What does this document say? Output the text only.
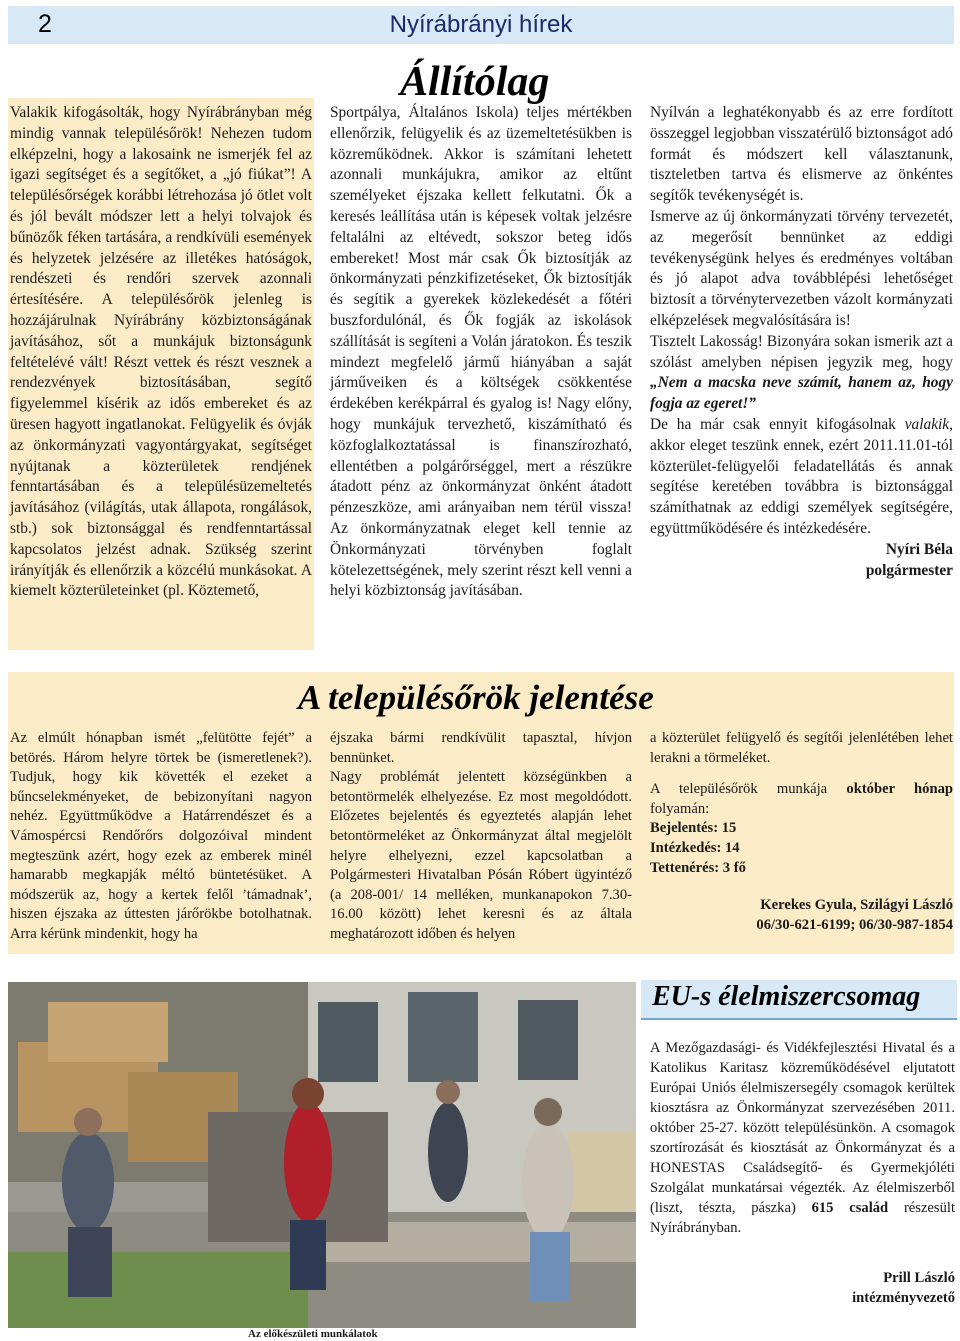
2	Nyírábrányi hírek
Állítólag

Valakik kifogásolták, hogy Nyírábrányban még mindig vannak településőrök! Nehezen tudom elképzelni, hogy a lakosaink ne ismerjék fel az igazi segítséget és a segítőket, a „jó fiúkat”! A településőrségek korábbi létrehozása jó ötlet volt és jól bevált módszer lett a helyi tolvajok és bűnözők féken tartására, a rendkívüli események és helyzetek jelzésére az illetékes hatóságok, rendészeti és rendőri szervek azonnali értesítésére. A településőrök jelenleg is hozzájárulnak Nyírábrány közbiztonságának javításához, sőt a munkájuk biztonságunk feltételévé vált! Részt vettek és részt vesznek a rendezvények biztosításában, segítő figyelemmel kísérik az idős embereket és az üresen hagyott ingatlanokat. Felügyelik és óvják az önkormányzati vagyontárgyakat, segítséget nyújtanak a közterületek rendjének fenntartásában és a településüzemeltetés javításához (világítás, utak állapota, rongálások, stb.) sok biztonsággal és rendfenntartással kapcsolatos jelzést adnak. Szükség szerint irányítják és ellenőrzik a közcélú munkásokat. A kiemelt közterületeinket (pl. Köztemető,

Sportpálya, Általános Iskola) teljes mértékben ellenőrzik, felügyelik és az üzemeltetésükben is közreműködnek. Akkor is számítani lehetett azonnali munkájukra, amikor az eltűnt személyeket éjszaka kellett felkutatni. Ők a keresés leállítása után is képesek voltak jelzésre feltalálni az eltévedt, sokszor beteg idős embereket! Most már csak Ők biztosítják az önkormányzati pénzkifizetéseket, Ők biztosítják és segítik a gyerekek közlekedését a főtéri buszfordulónál, és Ők fogják az iskolások szállítását is segíteni a Volán járatokon. És teszik mindezt megfelelő jármű hiányában a saját járműveiken és a költségek csökkentése érdekében kerékpárral és gyalog is! Nagy előny, hogy munkájuk tervezhető, kiszámítható és közfoglalkoztatással is finanszírozható, ellentétben a polgárőrséggel, mert a részükre átadott pénz az önkormányzat önként átadott pénzeszköze, ami arányaiban nem térül vissza! Az önkormányzatnak eleget kell tennie az Önkormányzati törvényben foglalt kötelezettségének, mely szerint részt kell venni a helyi közbiztonság javításában.

Nyílván a leghatékonyabb és az erre fordított összeggel legjobban visszatérülő biztonságot adó formát és módszert kell választanunk, tiszteletben tartva és elismerve az önkéntes segítők tevékenységét is.

Ismerve az új önkormányzati törvény tervezetét, az megerősít bennünket az eddigi tevékenységünk helyes és eredményes voltában és jó alapot adva továbblépési lehetőséget biztosít a törvénytervezetben vázolt kormányzati elképzelések megvalósítására is!

Tisztelt Lakosság! Bizonyára sokan ismerik azt a szólást amelyben népisen jegyzik meg, hogy „Nem a macska neve számít, hanem az, hogy fogja az egeret!”

De ha már csak ennyit kifogásolnak valakik, akkor eleget teszünk ennek, ezért 2011.11.01-tól közterület-felügyelői feladatellátás és annak segítése keretében továbbra is biztonsággal számíthatnak az eddigi személyek segítségére, együttműködésére és intézkedésére.

Nyíri Béla

polgármester

A településőrök jelentése

Az elmúlt hónapban ismét „felütötte fejét” a betörés. Három helyre törtek be (ismeretlenek?). Tudjuk, hogy kik követték el ezeket a bűncselekményeket, de bebizonyítani nagyon nehéz. Együttműködve a Határrendészet és a Vámospércsi Rendőrőrs dolgozóival mindent megteszünk azért, hogy ezek az emberek minél hamarabb megkapják méltó büntetésüket. A módszerük az, hogy a kertek felől ’támadnak’, hiszen éjszaka az úttesten járőrökbe botolhatnak. Arra kérünk mindenkit, hogy ha

éjszaka bármi rendkívülit tapasztal, hívjon bennünket.

Nagy problémát jelentett községünkben a betontörmelék elhelyezése. Ez most megoldódott. Előzetes bejelentés és egyeztetés alapján lehet betontörmeléket az Önkormányzat által megjelölt helyre elhelyezni, ezzel kapcsolatban a Polgármesteri Hivatalban Pósán Róbert ügyintéző (a 208-001/ 14 melléken, munkanapokon 7.30- 16.00 között) lehet keresni és az általa meghatározott időben és helyen

a közterület felügyelő és segítői jelenlétében lehet lerakni a törmeléket.

A településőrök munkája október hónap folyamán:

Bejelentés: 15

Intézkedés: 14

Tettenérés: 3 fő

Kerekes Gyula, Szilágyi László

06/30-621-6199; 06/30-987-1854

Az előkészületi munkálatok
EU-s élelmiszercsomag

A Mezőgazdasági- és Vidékfejlesztési Hivatal és a Katolikus Karitasz közreműködésével eljutatott Európai Uniós élelmiszersegély csomagok kerültek kiosztásra az Önkormányzat szervezésében 2011. október 25-27. között településünkön. A csomagok szortírozását és kiosztását az Önkormányzat és a HONESTAS Családsegítő- és Gyermekjóléti Szolgálat munkatársai végezték. Az élelmiszerből (liszt, tészta, pászka) 615 család részesült Nyírábrányban.

Prill László

intézményvezető
